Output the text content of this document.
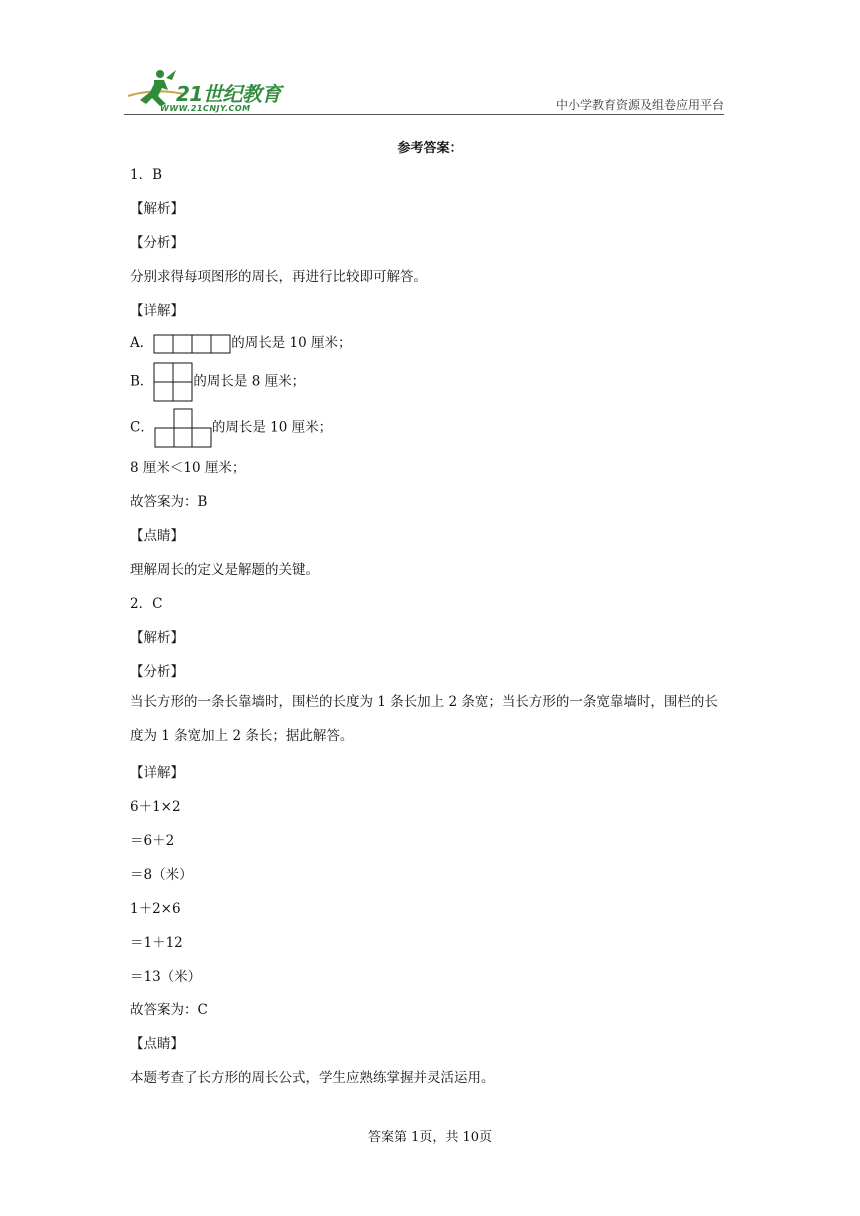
21世纪教育
WWW.21CNJY.COM	中小学教育资源及组卷应用平台
参考答案：
1．B
【解析】
【分析】
分别求得每项图形的周长，再进行比较即可解答。
【详解】
A．	的周长是 10 厘米；
B．	的周长是 8 厘米；
C．	的周长是 10 厘米；
8 厘米＜10 厘米；
故答案为：B
【点睛】
理解周长的定义是解题的关键。
2．C
【解析】
【分析】
当长方形的一条长靠墙时，围栏的长度为 1 条长加上 2 条宽；当长方形的一条宽靠墙时，围栏的长度为 1 条宽加上 2 条长；据此解答。
【详解】
6＋1×2
＝6＋2
＝8（米）
1＋2×6
＝1＋12
＝13（米）
故答案为：C
【点睛】
本题考查了长方形的周长公式，学生应熟练掌握并灵活运用。
答案第 1页，共 10页
